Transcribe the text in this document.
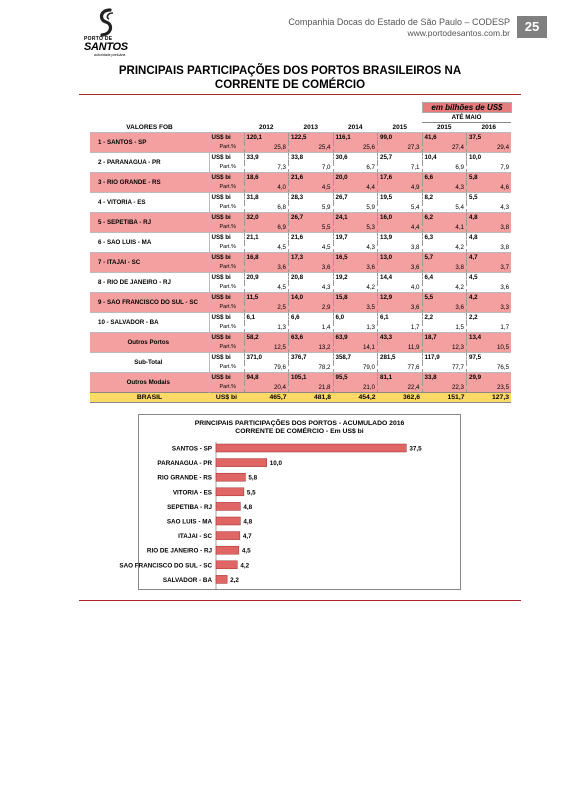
PORTO DE
SANTOS
autoridade portuária
Companhia Docas do Estado de São Paulo – CODESP
www.portodesantos.com.br	25
PRINCIPAIS PARTICIPAÇÕES DOS PORTOS BRASILEIROS NA
CORRENTE DE COMÉRCIO
						em bilhões de US$	
						ATÉ MAIO	
VALORES FOB		2012	2013	2014	2015	2015	2016

1 - SANTOS - SP	US$ bi	120,1	122,5	116,1	99,0	41,6	37,5
	Part.%	25,8	25,4	25,6	27,3	27,4	29,4
2 - PARANAGUA - PR	US$ bi	33,9	33,8	30,6	25,7	10,4	10,0
	Part.%	7,3	7,0	6,7	7,1	6,9	7,9
3 - RIO GRANDE - RS	US$ bi	18,6	21,6	20,0	17,6	6,6	5,8
	Part.%	4,0	4,5	4,4	4,9	4,3	4,6
4 - VITORIA - ES	US$ bi	31,8	28,3	26,7	19,5	8,2	5,5
	Part.%	6,8	5,9	5,9	5,4	5,4	4,3
5 - SEPETIBA - RJ	US$ bi	32,0	26,7	24,1	16,0	6,2	4,8
	Part.%	6,9	5,5	5,3	4,4	4,1	3,8
6 - SAO LUIS - MA	US$ bi	21,1	21,6	19,7	13,9	6,3	4,8
	Part.%	4,5	4,5	4,3	3,8	4,2	3,8
7 - ITAJAI - SC	US$ bi	16,8	17,3	16,5	13,0	5,7	4,7
	Part.%	3,6	3,6	3,6	3,6	3,8	3,7
8 - RIO DE JANEIRO - RJ	US$ bi	20,9	20,8	19,2	14,4	6,4	4,5
	Part.%	4,5	4,3	4,2	4,0	4,2	3,6
9 - SAO FRANCISCO DO SUL - SC	US$ bi	11,5	14,0	15,8	12,9	5,5	4,2
	Part.%	2,5	2,9	3,5	3,6	3,6	3,3
10 - SALVADOR - BA	US$ bi	6,1	6,6	6,0	6,1	2,2	2,2
	Part.%	1,3	1,4	1,3	1,7	1,5	1,7
Outros Portos	US$ bi	58,2	63,6	63,9	43,3	18,7	13,4
	Part.%	12,5	13,2	14,1	11,9	12,3	10,5
Sub-Total	US$ bi	371,0	376,7	358,7	281,5	117,9	97,5
	Part.%	79,6	78,2	79,0	77,6	77,7	76,5
Outros Modais	US$ bi	94,8	105,1	95,5	81,1	33,8	29,9
	Part.%	20,4	21,8	21,0	22,4	22,3	23,5
BRASIL	US$ bi	465,7	481,8	454,2	362,6	151,7	127,3
PRINCIPAIS PARTICIPAÇÕES DOS PORTOS - ACUMULADO 2016
CORRENTE DE COMÉRCIO - Em US$ bi
SANTOS - SP	37,5
PARANAGUA - PR	10,0
RIO GRANDE - RS	5,8
VITORIA - ES	5,5
SEPETIBA - RJ	4,8
SAO LUIS - MA	4,8
ITAJAI - SC	4,7
RIO DE JANEIRO - RJ	4,5
SAO FRANCISCO DO SUL - SC	4,2
SALVADOR - BA	2,2
